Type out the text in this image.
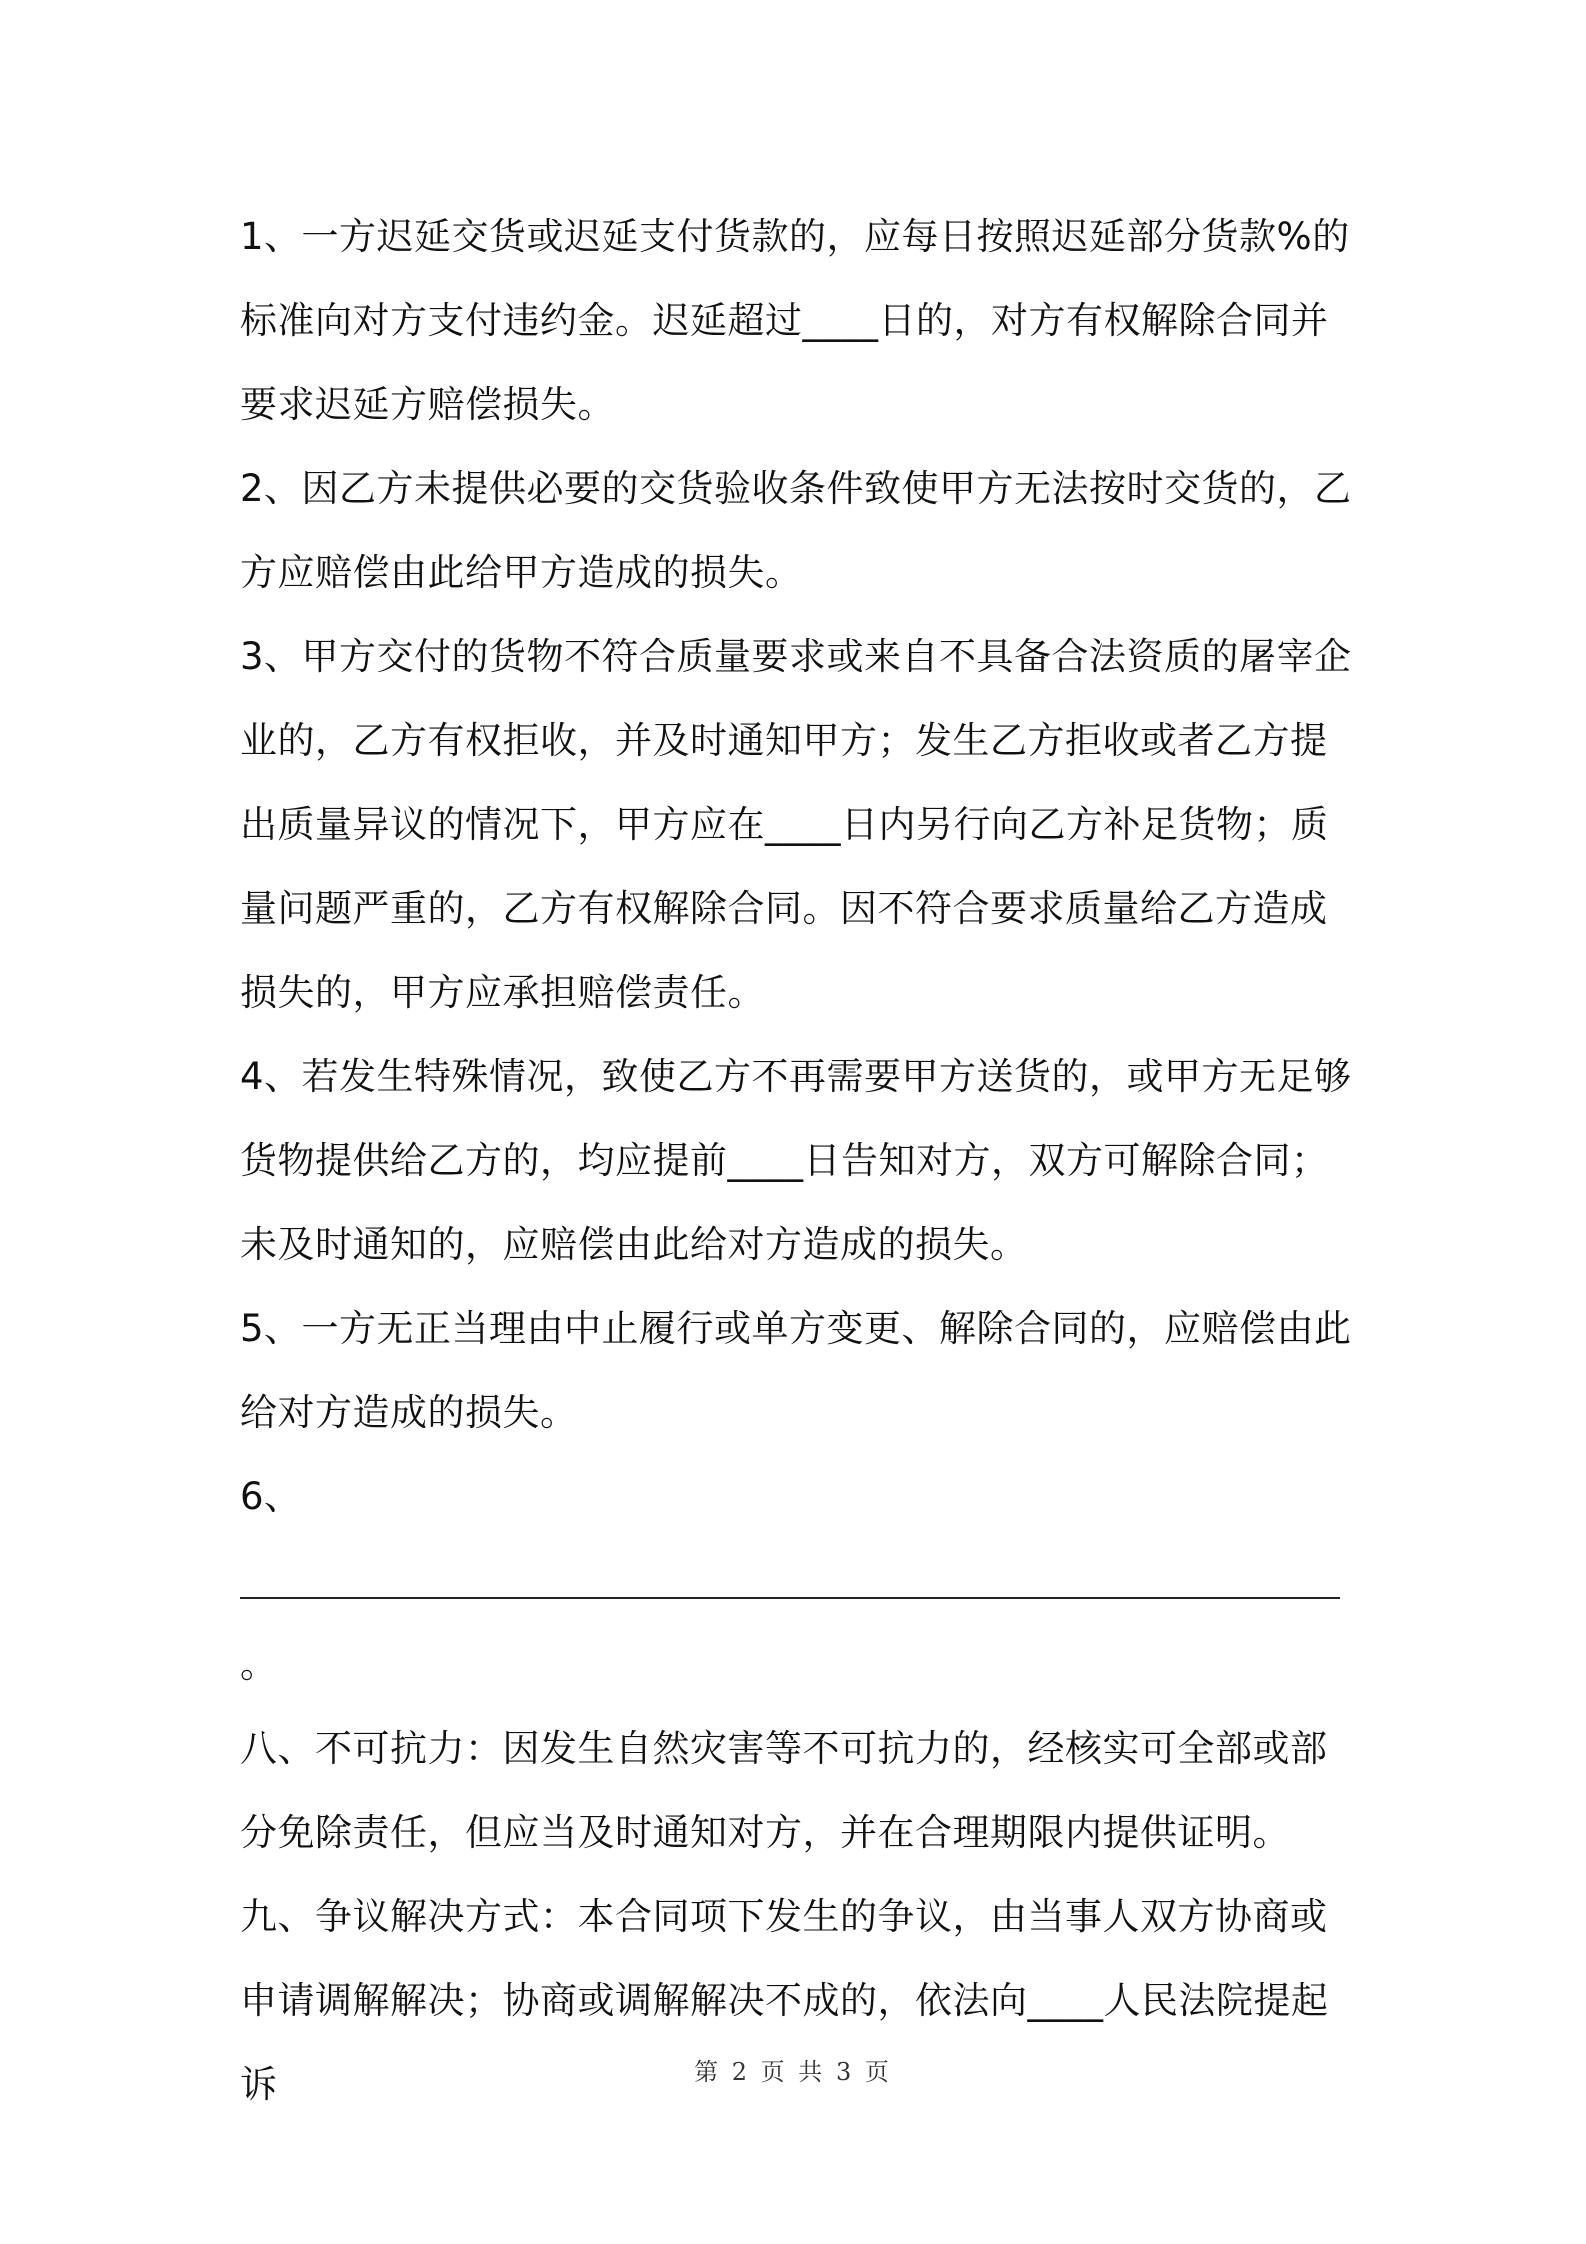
1、一方迟延交货或迟延支付货款的，应每日按照迟延部分货款%的标准向对方支付违约金。迟延超过____日的，对方有权解除合同并要求迟延方赔偿损失。

2、因乙方未提供必要的交货验收条件致使甲方无法按时交货的，乙方应赔偿由此给甲方造成的损失。

3、甲方交付的货物不符合质量要求或来自不具备合法资质的屠宰企业的，乙方有权拒收，并及时通知甲方；发生乙方拒收或者乙方提出质量异议的情况下，甲方应在____日内另行向乙方补足货物；质量问题严重的，乙方有权解除合同。因不符合要求质量给乙方造成损失的，甲方应承担赔偿责任。

4、若发生特殊情况，致使乙方不再需要甲方送货的，或甲方无足够货物提供给乙方的，均应提前____日告知对方，双方可解除合同；未及时通知的，应赔偿由此给对方造成的损失。

5、一方无正当理由中止履行或单方变更、解除合同的，应赔偿由此给对方造成的损失。

6、

。

八、不可抗力：因发生自然灾害等不可抗力的，经核实可全部或部分免除责任，但应当及时通知对方，并在合理期限内提供证明。

九、争议解决方式：本合同项下发生的争议，由当事人双方协商或申请调解解决；协商或调解解决不成的，依法向____人民法院提起诉	第 2 页 共 3 页
